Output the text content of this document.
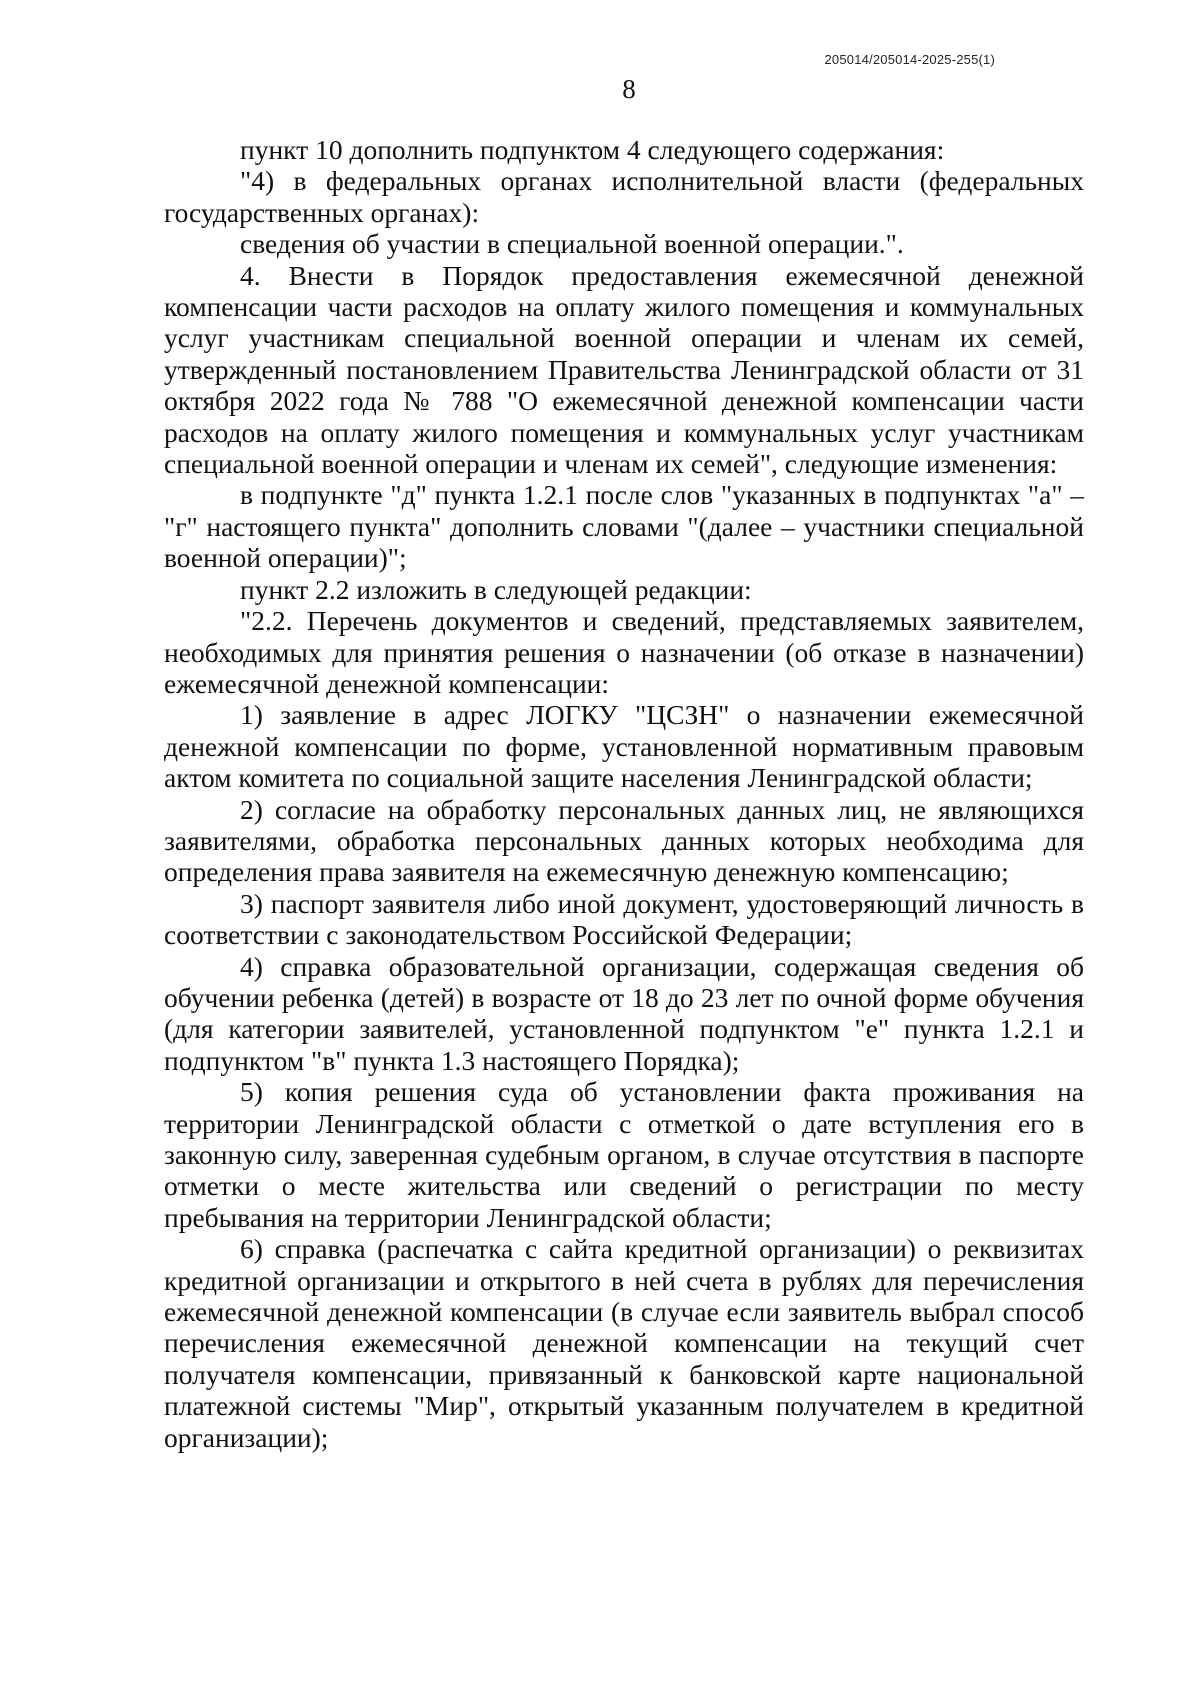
205014/205014-2025-255(1)
8

пункт 10 дополнить подпунктом 4 следующего содержания:

"4) в федеральных органах исполнительной власти (федеральных государственных органах):

сведения об участии в специальной военной операции.".

4. Внести в Порядок предоставления ежемесячной денежной компенсации части расходов на оплату жилого помещения и коммунальных услуг участникам специальной военной операции и членам их семей, утвержденный постановлением Правительства Ленинградской области от 31 октября 2022 года № 788 "О ежемесячной денежной компенсации части расходов на оплату жилого помещения и коммунальных услуг участникам специальной военной операции и членам их семей", следующие изменения:

в подпункте "д" пункта 1.2.1 после слов "указанных в подпунктах "а" – "г" настоящего пункта" дополнить словами "(далее – участники специальной военной операции)";

пункт 2.2 изложить в следующей редакции:

"2.2. Перечень документов и сведений, представляемых заявителем, необходимых для принятия решения о назначении (об отказе в назначении) ежемесячной денежной компенсации:

1) заявление в адрес ЛОГКУ "ЦСЗН" о назначении ежемесячной денежной компенсации по форме, установленной нормативным правовым актом комитета по социальной защите населения Ленинградской области;

2) согласие на обработку персональных данных лиц, не являющихся заявителями, обработка персональных данных которых необходима для определения права заявителя на ежемесячную денежную компенсацию;

3) паспорт заявителя либо иной документ, удостоверяющий личность в соответствии с законодательством Российской Федерации;

4) справка образовательной организации, содержащая сведения об обучении ребенка (детей) в возрасте от 18 до 23 лет по очной форме обучения (для категории заявителей, установленной подпунктом "е" пункта 1.2.1 и подпунктом "в" пункта 1.3 настоящего Порядка);

5) копия решения суда об установлении факта проживания на территории Ленинградской области с отметкой о дате вступления его в законную силу, заверенная судебным органом, в случае отсутствия в паспорте отметки о месте жительства или сведений о регистрации по месту пребывания на территории Ленинградской области;

6) справка (распечатка с сайта кредитной организации) о реквизитах кредитной организации и открытого в ней счета в рублях для перечисления ежемесячной денежной компенсации (в случае если заявитель выбрал способ перечисления ежемесячной денежной компенсации на текущий счет получателя компенсации, привязанный к банковской карте национальной платежной системы "Мир", открытый указанным получателем в кредитной организации);
